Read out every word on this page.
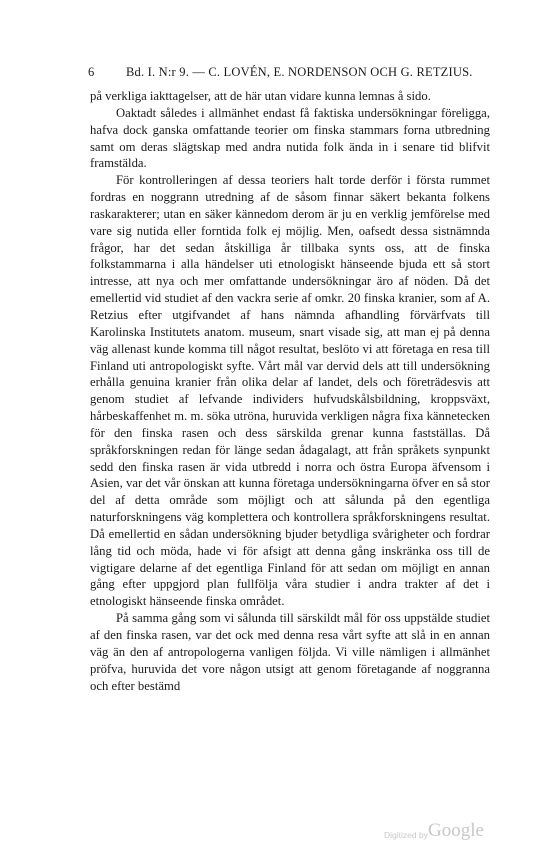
6	Bd. I. N:r 9. — C. LOVÉN, E. NORDENSON OCH G. RETZIUS.

på verkliga iakttagelser, att de här utan vidare kunna lemnas å sido.

Oaktadt således i allmänhet endast få faktiska undersökningar föreligga, hafva dock ganska omfattande teorier om finska stammars forna utbredning samt om deras slägtskap med andra nutida folk ända in i senare tid blifvit framstälda.

För kontrolleringen af dessa teoriers halt torde derför i första rummet fordras en noggrann utredning af de såsom finnar säkert bekanta folkens raskarakterer; utan en säker kännedom derom är ju en verklig jemförelse med vare sig nutida eller forntida folk ej möjlig. Men, oafsedt dessa sistnämnda frågor, har det sedan åtskilliga år tillbaka synts oss, att de finska folkstammarna i alla händelser uti etnologiskt hänseende bjuda ett så stort intresse, att nya och mer omfattande undersökningar äro af nöden. Då det emellertid vid studiet af den vackra serie af omkr. 20 finska kranier, som af A. Retzius efter utgifvandet af hans nämnda afhandling förvärfvats till Karolinska Institutets anatom. museum, snart visade sig, att man ej på denna väg allenast kunde komma till något resultat, beslöto vi att företaga en resa till Finland uti antropologiskt syfte. Vårt mål var dervid dels att till undersökning erhålla genuina kranier från olika delar af landet, dels och företrädesvis att genom studiet af lefvande individers hufvudskålsbildning, kroppsväxt, hårbeskaffenhet m. m. söka utröna, huruvida verkligen några fixa kännetecken för den finska rasen och dess särskilda grenar kunna fastställas. Då språkforskningen redan för länge sedan ådagalagt, att från språkets synpunkt sedd den finska rasen är vida utbredd i norra och östra Europa äfvensom i Asien, var det vår önskan att kunna företaga undersökningarna öfver en så stor del af detta område som möjligt och att sålunda på den egentliga naturforskningens väg komplettera och kontrollera språkforskningens resultat. Då emellertid en sådan undersökning bjuder betydliga svårigheter och fordrar lång tid och möda, hade vi för afsigt att denna gång inskränka oss till de vigtigare delarne af det egentliga Finland för att sedan om möjligt en annan gång efter uppgjord plan fullfölja våra studier i andra trakter af det i etnologiskt hänseende finska området.

På samma gång som vi sålunda till särskildt mål för oss uppstälde studiet af den finska rasen, var det ock med denna resa vårt syfte att slå in en annan väg än den af antropologerna vanligen följda. Vi ville nämligen i allmänhet pröfva, huruvida det vore någon utsigt att genom företagande af noggranna och efter bestämd

Digitized by Google
